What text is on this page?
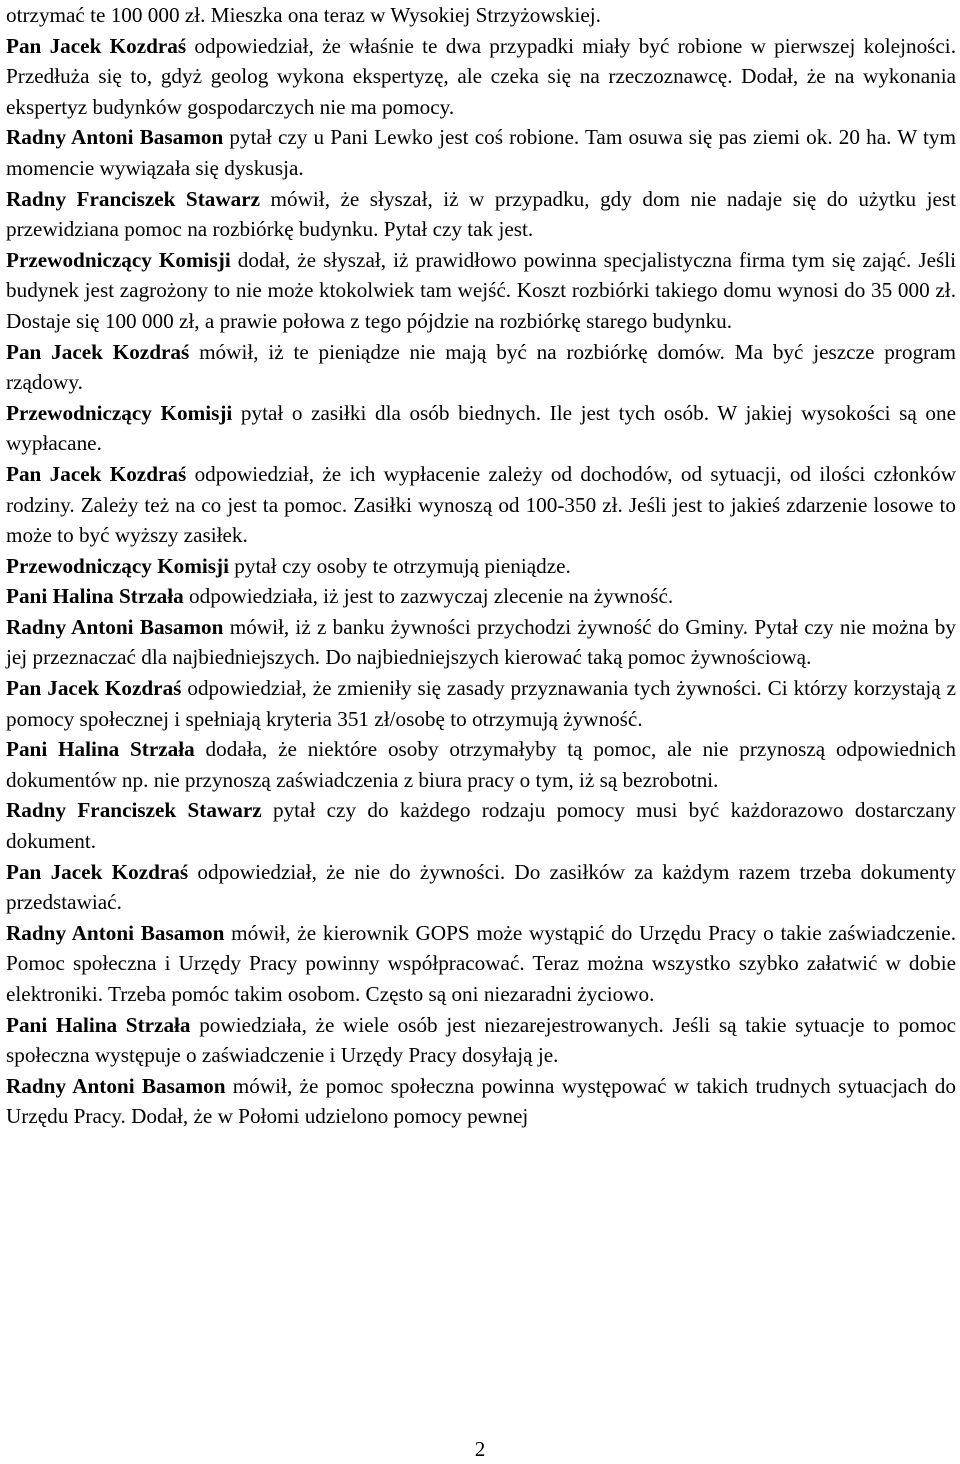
otrzymać te 100 000 zł. Mieszka ona teraz w Wysokiej Strzyżowskiej.

Pan Jacek Kozdraś odpowiedział, że właśnie te dwa przypadki miały być robione w pierwszej kolejności. Przedłuża się to, gdyż geolog wykona ekspertyzę, ale czeka się na rzeczoznawcę. Dodał, że na wykonania ekspertyz budynków gospodarczych nie ma pomocy.

Radny Antoni Basamon pytał czy u Pani Lewko jest coś robione. Tam osuwa się pas ziemi ok. 20 ha. W tym momencie wywiązała się dyskusja.

Radny Franciszek Stawarz mówił, że słyszał, iż w przypadku, gdy dom nie nadaje się do użytku jest przewidziana pomoc na rozbiórkę budynku. Pytał czy tak jest.

Przewodniczący Komisji dodał, że słyszał, iż prawidłowo powinna specjalistyczna firma tym się zająć. Jeśli budynek jest zagrożony to nie może ktokolwiek tam wejść. Koszt rozbiórki takiego domu wynosi do 35 000 zł. Dostaje się 100 000 zł, a prawie połowa z tego pójdzie na rozbiórkę starego budynku.

Pan Jacek Kozdraś mówił, iż te pieniądze nie mają być na rozbiórkę domów. Ma być jeszcze program rządowy.

Przewodniczący Komisji pytał o zasiłki dla osób biednych. Ile jest tych osób. W jakiej wysokości są one wypłacane.

Pan Jacek Kozdraś odpowiedział, że ich wypłacenie zależy od dochodów, od sytuacji, od ilości członków rodziny. Zależy też na co jest ta pomoc. Zasiłki wynoszą od 100-350 zł. Jeśli jest to jakieś zdarzenie losowe to może to być wyższy zasiłek.

Przewodniczący Komisji pytał czy osoby te otrzymują pieniądze.

Pani Halina Strzała odpowiedziała, iż jest to zazwyczaj zlecenie na żywność.

Radny Antoni Basamon mówił, iż z banku żywności przychodzi żywność do Gminy. Pytał czy nie można by jej przeznaczać dla najbiedniejszych. Do najbiedniejszych kierować taką pomoc żywnościową.

Pan Jacek Kozdraś odpowiedział, że zmieniły się zasady przyznawania tych żywności. Ci którzy korzystają z pomocy społecznej i spełniają kryteria 351 zł/osobę to otrzymują żywność.

Pani Halina Strzała dodała, że niektóre osoby otrzymałyby tą pomoc, ale nie przynoszą odpowiednich dokumentów np. nie przynoszą zaświadczenia z biura pracy o tym, iż są bezrobotni.

Radny Franciszek Stawarz pytał czy do każdego rodzaju pomocy musi być każdorazowo dostarczany dokument.

Pan Jacek Kozdraś odpowiedział, że nie do żywności. Do zasiłków za każdym razem trzeba dokumenty przedstawiać.

Radny Antoni Basamon mówił, że kierownik GOPS może wystąpić do Urzędu Pracy o takie zaświadczenie. Pomoc społeczna i Urzędy Pracy powinny współpracować. Teraz można wszystko szybko załatwić w dobie elektroniki. Trzeba pomóc takim osobom. Często są oni niezaradni życiowo.

Pani Halina Strzała powiedziała, że wiele osób jest niezarejestrowanych. Jeśli są takie sytuacje to pomoc społeczna występuje o zaświadczenie i Urzędy Pracy dosyłają je.

Radny Antoni Basamon mówił, że pomoc społeczna powinna występować w takich trudnych sytuacjach do Urzędu Pracy. Dodał, że w Połomi udzielono pomocy pewnej

2
